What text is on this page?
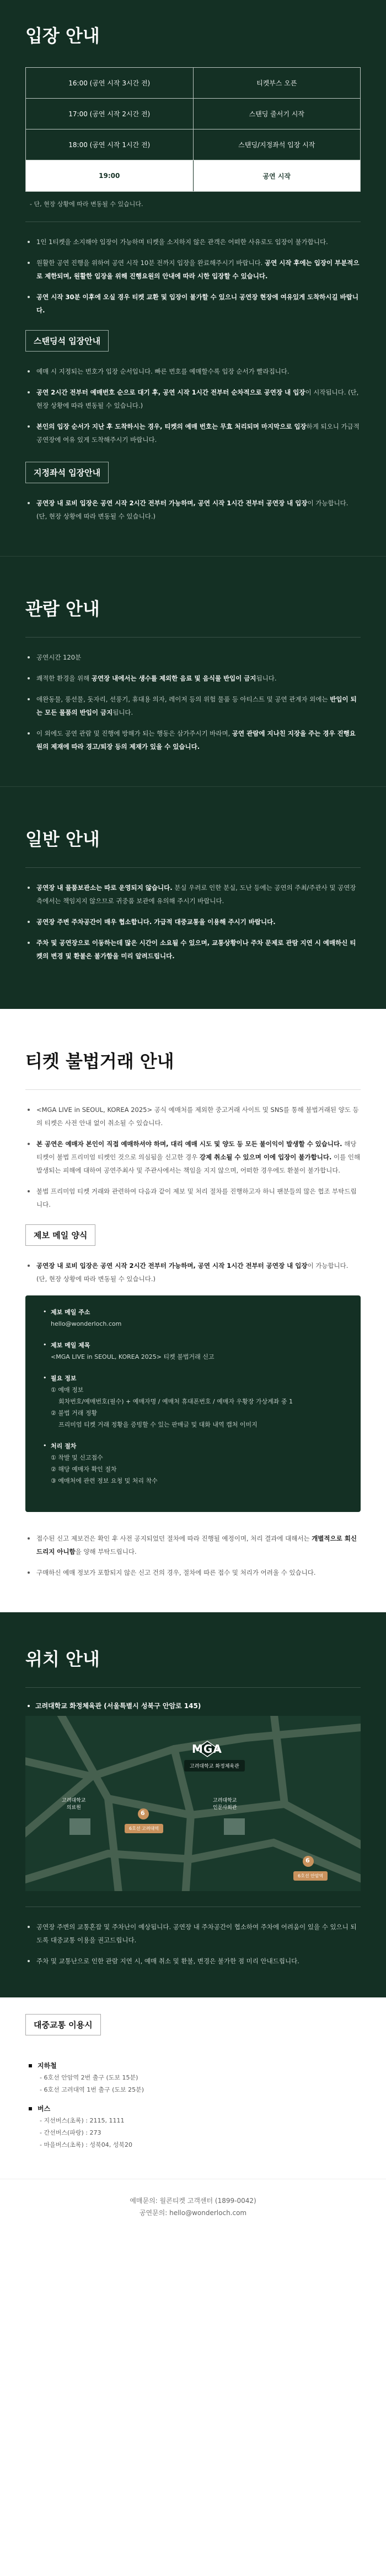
입장 안내
16:00 (공연 시작 3시간 전)	티켓부스 오픈
17:00 (공연 시작 2시간 전)	스탠딩 줄서기 시작
18:00 (공연 시작 1시간 전)	스탠딩/지정좌석 입장 시작
19:00	공연 시작

- 단, 현장 상황에 따라 변동될 수 있습니다.

1인 1티켓을 소지해야 입장이 가능하며 티켓을 소지하지 않은 관객은 어떠한 사유로도 입장이 불가합니다.
원활한 공연 진행을 위하여 공연 시작 10분 전까지 입장을 완료해주시기 바랍니다. 공연 시작 후에는 입장이 부분적으로 제한되며, 원활한 입장을 위해 진행요원의 안내에 따라 시한 입장할 수 있습니다.
공연 시작 30분 이후에 오실 경우 티켓 교환 및 입장이 불가할 수 있으니 공연장 현장에 여유있게 도착하시길 바랍니다.
스탠딩석 입장안내
예매 시 지정되는 번호가 입장 순서입니다. 빠른 번호를 예매할수록 입장 순서가 빨라집니다.
공연 2시간 전부터 예매번호 순으로 대기 후, 공연 시작 1시간 전부터 순차적으로 공연장 내 입장이 시작됩니다. (단, 현장 상황에 따라 변동될 수 있습니다.)
본인의 입장 순서가 지난 후 도착하시는 경우, 티켓의 예매 번호는 무효 처리되며 마지막으로 입장하게 되오니 가급적 공연장에 여유 있게 도착해주시기 바랍니다.
지정좌석 입장안내
공연장 내 로비 입장은 공연 시작 2시간 전부터 가능하며, 공연 시작 1시간 전부터 공연장 내 입장이 가능합니다. (단, 현장 상황에 따라 변동될 수 있습니다.)
관람 안내
공연시간 120분
쾌적한 환경을 위해 공연장 내에서는 생수를 제외한 음료 및 음식물 반입이 금지됩니다.
애완동물, 풍선물, 돗자리, 선풍기, 휴대용 의자, 레이저 등의 위험 물품 등 아티스트 및 공연 관계자 외에는 반입이 되는 모든 물품의 반입이 금지됩니다.
이 외에도 공연 관람 및 진행에 방해가 되는 행동은 삼가주시기 바라며, 공연 관람에 지나친 지장을 주는 경우 진행요원의 제재에 따라 경고/퇴장 등의 제재가 있을 수 있습니다.
일반 안내
공연장 내 물품보관소는 따로 운영되지 않습니다. 분실 우려로 인한 분실, 도난 등에는 공연의 주최/주관사 및 공연장 측에서는 책임지지 않으므로 귀중품 보관에 유의해 주시기 바랍니다.
공연장 주변 주차공간이 매우 협소합니다. 가급적 대중교통을 이용해 주시기 바랍니다.
주차 및 공연장으로 이동하는데 많은 시간이 소요될 수 있으며, 교통상황이나 주차 문제로 관람 지연 시 예매하신 티켓의 변경 및 환불은 불가함을 미리 알려드립니다.
티켓 불법거래 안내
<MGA LIVE in SEOUL, KOREA 2025> 공식 예매처를 제외한 중고거래 사이트 및 SNS를 통해 불법거래된 양도 등의 티켓은 사전 안내 없이 취소될 수 있습니다.
본 공연은 예매자 본인이 직접 예매하셔야 하며, 대리 예매 시도 및 양도 등 모든 불이익이 발생할 수 있습니다. 해당 티켓이 불법 프리미엄 티켓인 것으로 의심됨을 신고한 경우 강제 취소될 수 있으며 이에 입장이 불가합니다. 이를 인해 발생되는 피해에 대하여 공연주최사 및 주관사에서는 책임을 지지 않으며, 어떠한 경우에도 환불이 불가합니다.
불법 프리미엄 티켓 거래와 관련하여 다음과 같이 제보 및 처리 절차를 진행하고자 하니 팬분들의 많은 협조 부탁드립니다.
제보 메일 양식
공연장 내 로비 입장은 공연 시작 2시간 전부터 가능하며, 공연 시작 1시간 전부터 공연장 내 입장이 가능합니다. (단, 현장 상황에 따라 변동될 수 있습니다.)
• 제보 메일 주소
hello@wonderloch.com
• 제보 메일 제목
<MGA LIVE in SEOUL, KOREA 2025> 티켓 불법거래 신고
• 필요 정보
① 예매 정보
회차번호/예매번호(필수) + 예매자명 / 예매처 휴대폰번호 / 예매자 우황장 가상계좌 중 1
② 불법 거래 정황
프리미엄 티켓 거래 정황을 증빙할 수 있는 판매글 및 대화 내역 캡처 이미지
• 처리 절차
① 착발 및 신고접수
② 해당 예매자 확인 절차
③ 예매처에 관련 정보 요청 및 처리 착수
접수된 신고 제보건은 확인 후 사전 공지되었던 절차에 따라 진행될 예정이며, 처리 결과에 대해서는 개별적으로 회신드리지 아니함을 양해 부탁드립니다.
구매하신 예매 정보가 포함되지 않은 신고 건의 경우, 절차에 따른 접수 및 처리가 어려울 수 있습니다.
위치 안내
고려대학교 화정체육관 (서울특별시 성북구 안암로 145)
MGA
고려대학교 화정체육관
고려대학교
의료원
고려대학교
인문사회관
6
6
6호선 고려대역
6호선 안암역
공연장 주변의 교통혼잡 및 주차난이 예상됩니다. 공연장 내 주차공간이 협소하여 주차에 어려움이 있을 수 있으니 되도록 대중교통 이용을 권고드립니다.
주차 및 교통난으로 인한 관람 지연 시, 예매 취소 및 환불, 변경은 불가한 점 미리 안내드립니다.
대중교통 이용시
지하철
- 6호선 안암역 2번 출구 (도보 15분)
- 6호선 고려대역 1번 출구 (도보 25분)
버스
- 지선버스(초록) : 2115, 1111
- 간선버스(파랑) : 273
- 마을버스(초록) : 성북04, 성북20
예매문의: 월콘티켓 고객센터 (1899-0042)
공연문의: hello@wonderloch.com
